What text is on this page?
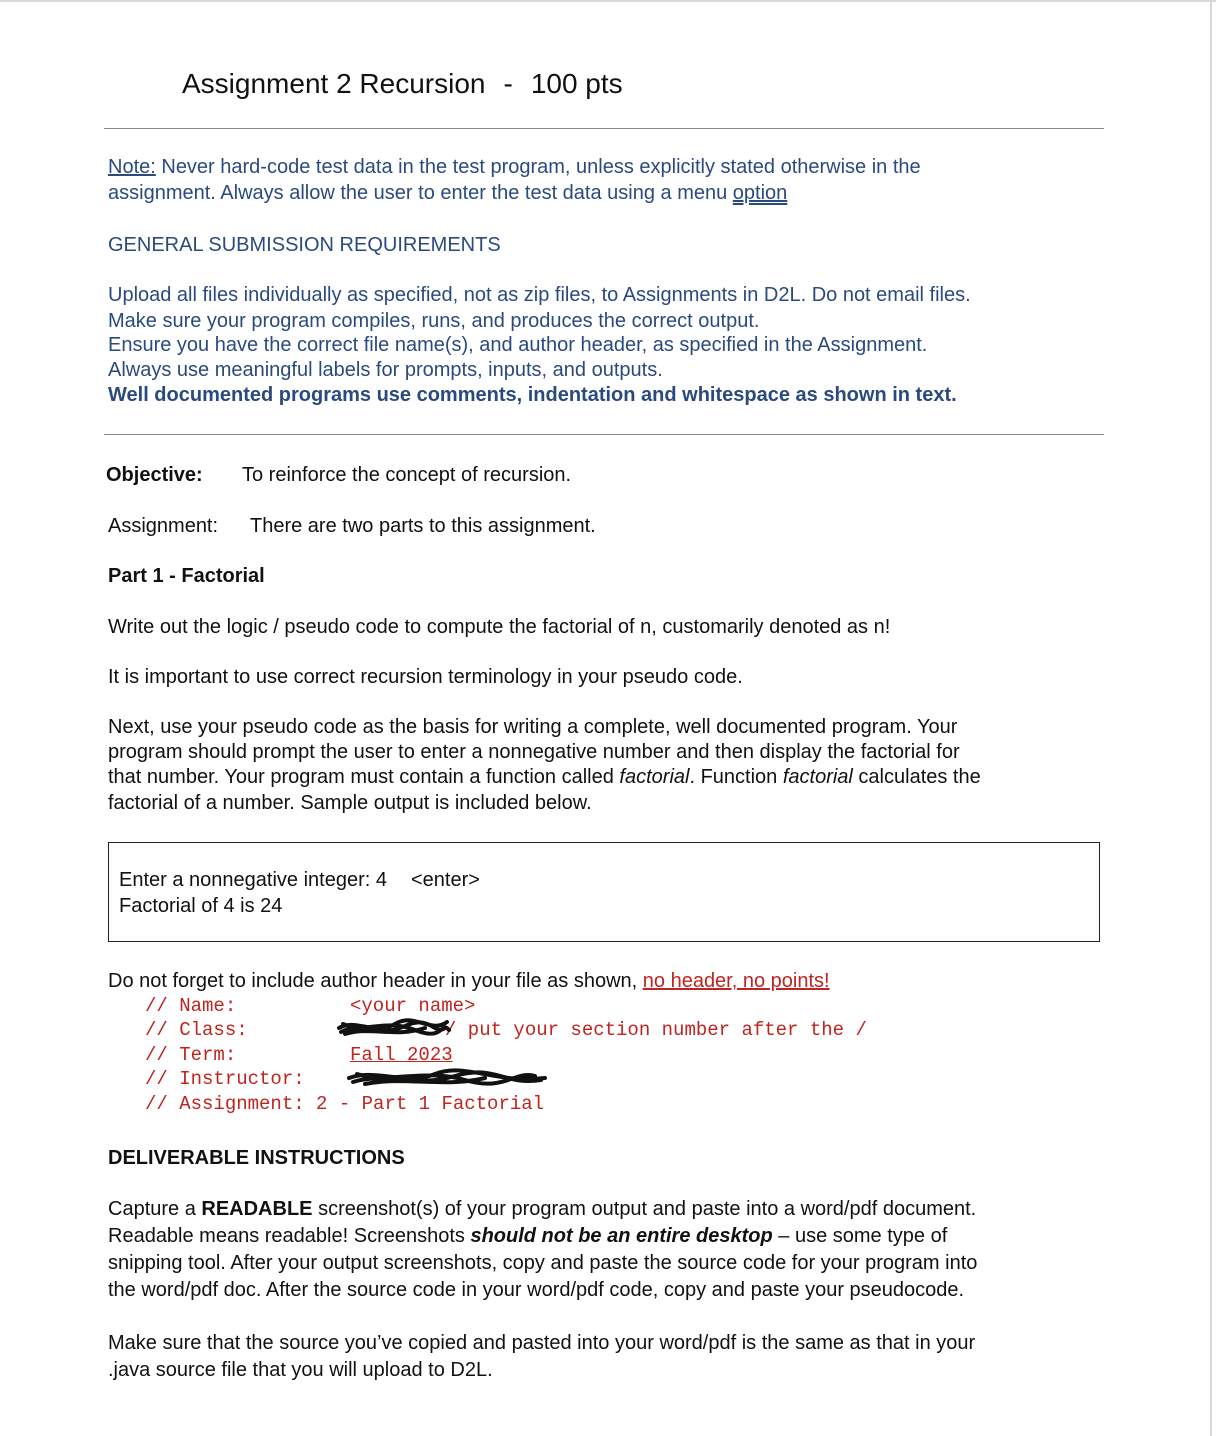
Assignment 2 Recursion - 100 pts
Note: Never hard-code test data in the test program, unless explicitly stated otherwise in the
assignment. Always allow the user to enter the test data using a menu option
GENERAL SUBMISSION REQUIREMENTS
Upload all files individually as specified, not as zip files, to Assignments in D2L. Do not email files.
Make sure your program compiles, runs, and produces the correct output.
Ensure you have the correct file name(s), and author header, as specified in the Assignment.
Always use meaningful labels for prompts, inputs, and outputs.
Well documented programs use comments, indentation and whitespace as shown in text.
Objective: To reinforce the concept of recursion.
Assignment: There are two parts to this assignment.
Part 1 - Factorial
Write out the logic / pseudo code to compute the factorial of n, customarily denoted as n!
It is important to use correct recursion terminology in your pseudo code.
Next, use your pseudo code as the basis for writing a complete, well documented program. Your
program should prompt the user to enter a nonnegative number and then display the factorial for
that number. Your program must contain a function called factorial. Function factorial calculates the
factorial of a number. Sample output is included below.
Enter a nonnegative integer: 4 <enter>
Factorial of 4 is 24
Do not forget to include author header in your file as shown, no header, no points!
// Name:	<your name>
// Class:	/ put your section number after the /
// Term:	Fall 2023
// Instructor:
// Assignment: 2 - Part 1 Factorial
DELIVERABLE INSTRUCTIONS
Capture a READABLE screenshot(s) of your program output and paste into a word/pdf document.
Readable means readable! Screenshots should not be an entire desktop – use some type of
snipping tool. After your output screenshots, copy and paste the source code for your program into
the word/pdf doc. After the source code in your word/pdf code, copy and paste your pseudocode.
Make sure that the source you’ve copied and pasted into your word/pdf is the same as that in your
.java source file that you will upload to D2L.
